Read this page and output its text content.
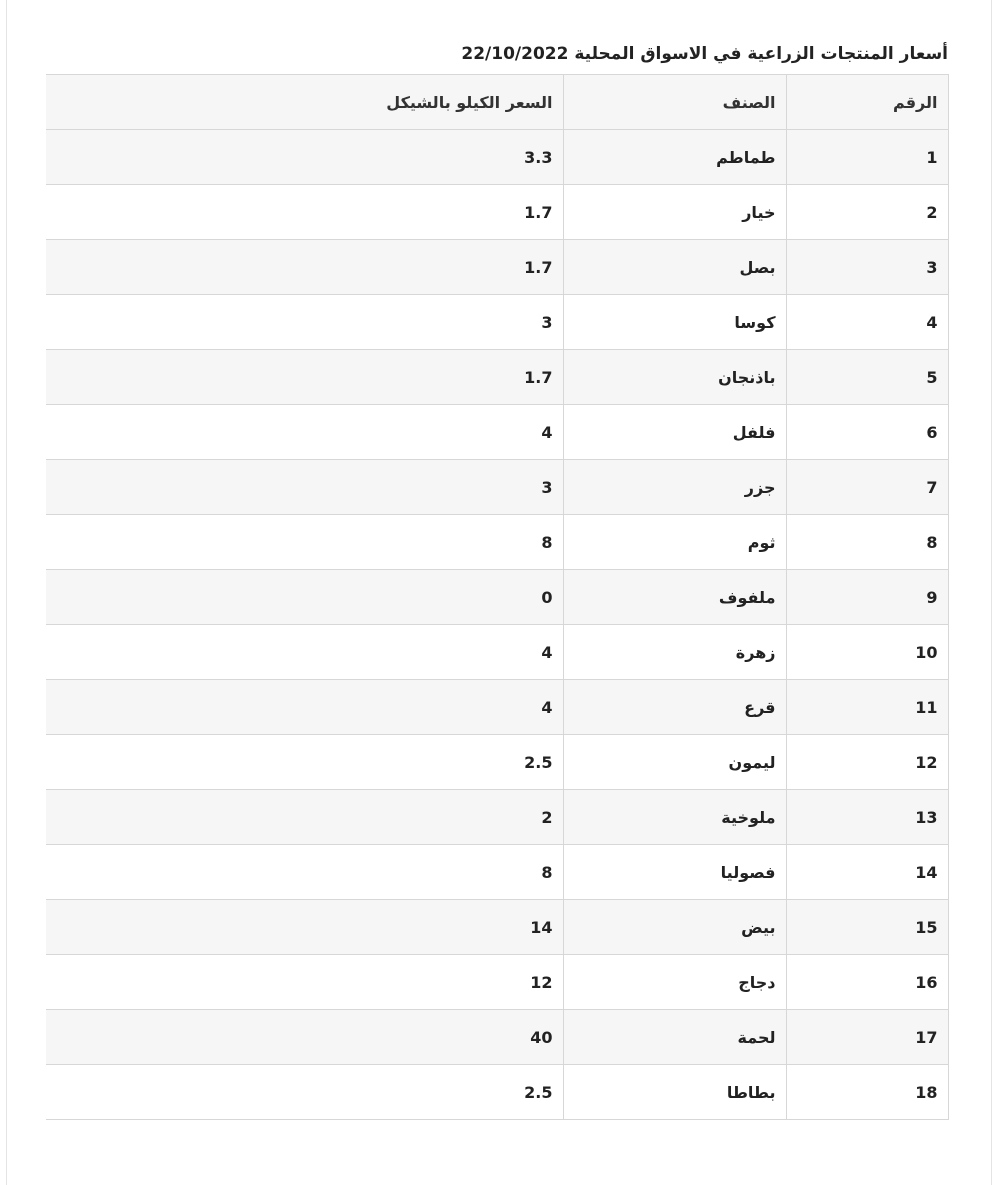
أسعار المنتجات الزراعية في الاسواق المحلية 22/10/2022
الرقم	الصنف	السعر الكيلو بالشيكل
1	طماطم	3.3
2	خيار	1.7
3	بصل	1.7
4	كوسا	3
5	باذنجان	1.7
6	فلفل	4
7	جزر	3
8	ثوم	8
9	ملفوف	0
10	زهرة	4
11	قرع	4
12	ليمون	2.5
13	ملوخية	2
14	فصوليا	8
15	بيض	14
16	دجاج	12
17	لحمة	40
18	بطاطا	2.5
